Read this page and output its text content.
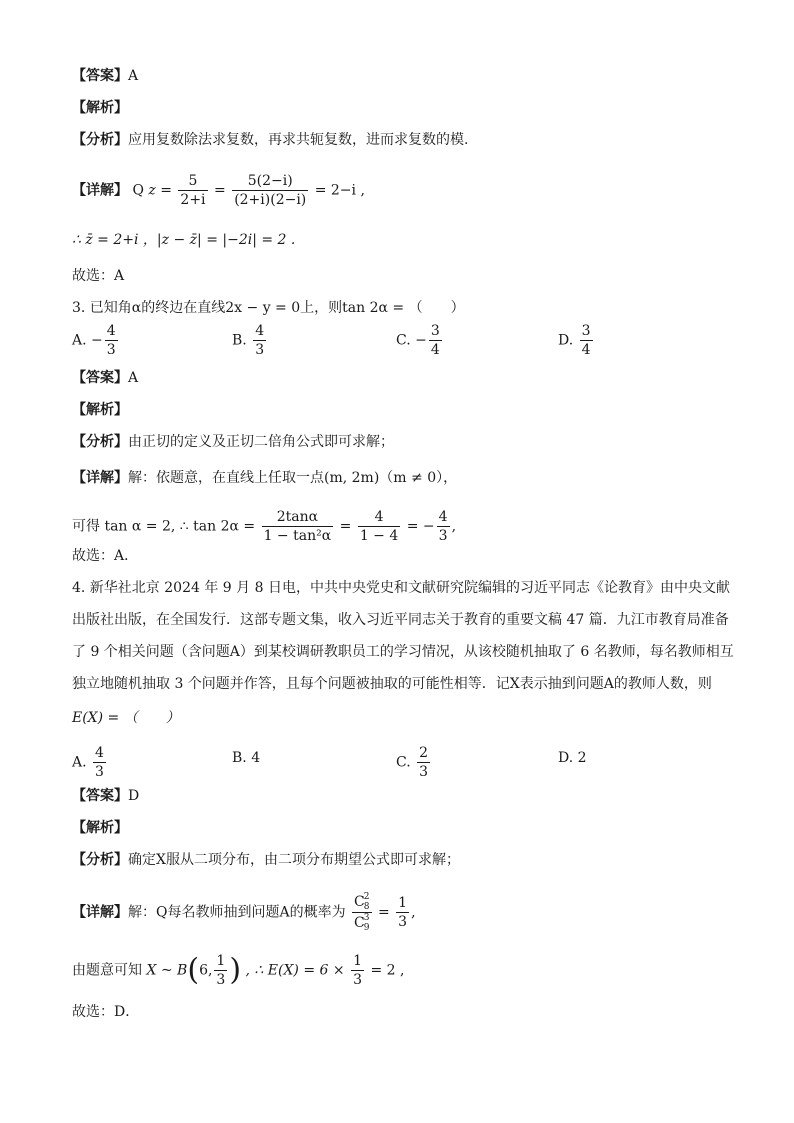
【答案】A
【解析】
【分析】应用复数除法求复数，再求共轭复数，进而求复数的模.
【详解】 Q $z = \frac{5}{2+i} = \frac{5(2-i)}{(2+i)(2-i)} = 2-i$ ,
∴ z̄ = 2+i ，|z − z̄| = |−2i| = 2 .
故选：A
3. 已知角α的终边在直线2x − y = 0上，则tan 2α = （　　）
A. − $\frac{4}{3}$	B. $\frac{4}{3}$	C. − $\frac{3}{4}$	D. $\frac{3}{4}$
【答案】A
【解析】
【分析】由正切的定义及正切二倍角公式即可求解；
【详解】解：依题意，在直线上任取一点(m, 2m)（m ≠ 0），
可得 tan α = 2, ∴ $\tan 2\alpha = \frac{2\tan\alpha}{\text{1 − tan²α}} = \frac{4}{1 - 4}$ = − $\frac{4}{3}$ ,
故选：A．
4. 新华社北京 2024 年 9 月 8 日电，中共中央党史和文献研究院编辑的习近平同志《论教育》由中央文献
出版社出版，在全国发行．这部专题文集，收入习近平同志关于教育的重要文稿 47 篇．九江市教育局准备
了 9 个相关问题（含问题A）到某校调研教职员工的学习情况，从该校随机抽取了 6 名教师，每名教师相互
独立地随机抽取 3 个问题并作答，且每个问题被抽取的可能性相等．记X表示抽到问题A的教师人数，则
E(X) = （　　）
A. $\frac{4}{3}$	B. 4	C. $\frac{2}{3}$	D. 2
【答案】D
【解析】
【分析】确定X服从二项分布，由二项分布期望公式即可求解；
【详解】解：Q每名教师抽到问题A的概率为 C 2
8
C 3
$9 = \frac{1}{3}$ ,
由题意可知 X ~ B(6, $\frac{1}{3}$ ) , ∴ $E(X) = 6 \times \frac{1}{3} = 2$ ,
故选：D．
